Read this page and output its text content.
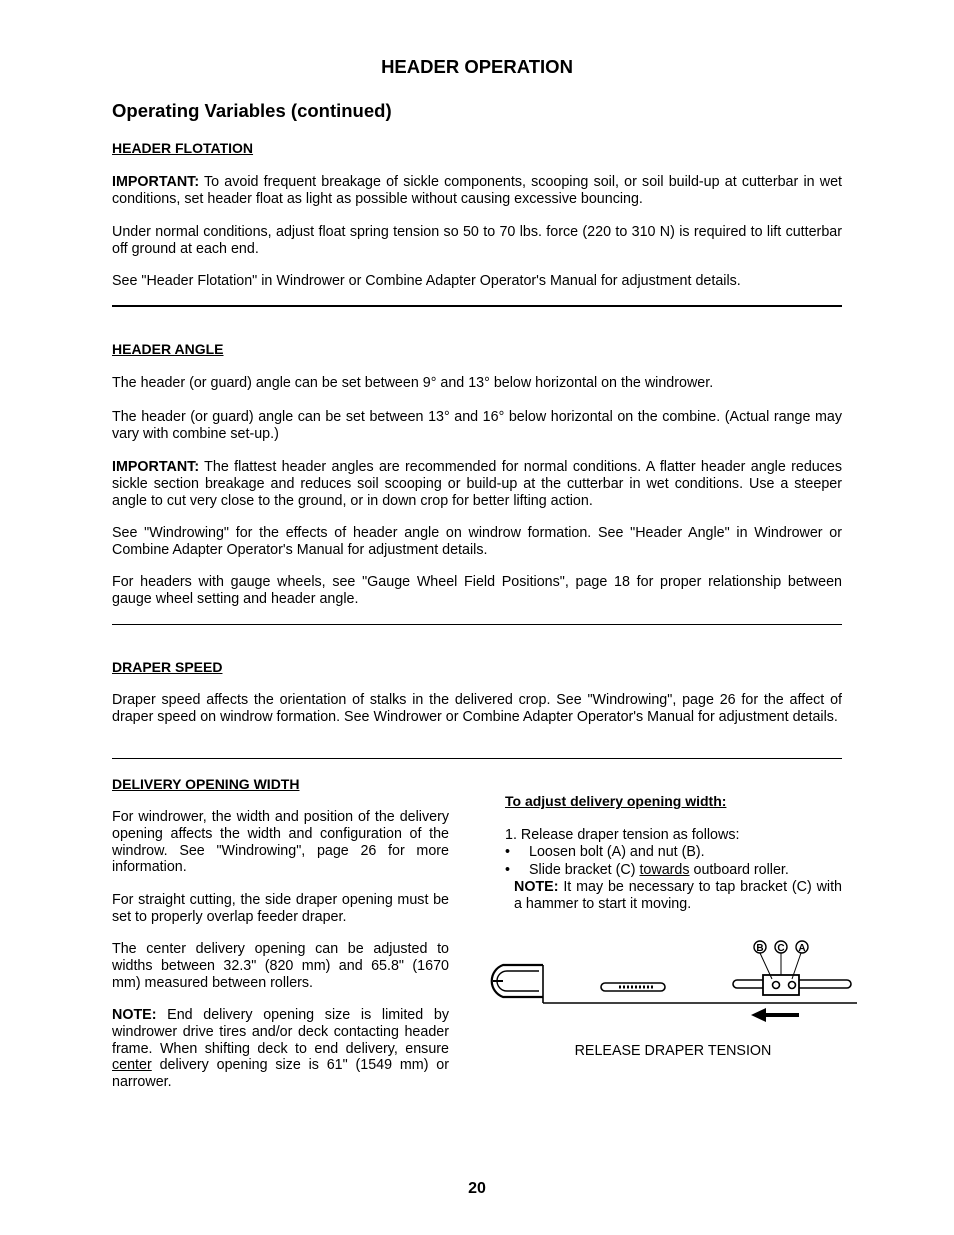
HEADER OPERATION
Operating Variables (continued)
HEADER FLOTATION
IMPORTANT: To avoid frequent breakage of sickle components, scooping soil, or soil build-up at cutterbar in wet conditions, set header float as light as possible without causing excessive bouncing.
Under normal conditions, adjust float spring tension so 50 to 70 lbs. force (220 to 310 N) is required to lift cutterbar off ground at each end.
See "Header Flotation" in Windrower or Combine Adapter Operator's Manual for adjustment details.
HEADER ANGLE
The header (or guard) angle can be set between 9° and 13° below horizontal on the windrower.
The header (or guard) angle can be set between 13° and 16° below horizontal on the combine. (Actual range may vary with combine set-up.)
IMPORTANT: The flattest header angles are recommended for normal conditions. A flatter header angle reduces sickle section breakage and reduces soil scooping or build-up at the cutterbar in wet conditions. Use a steeper angle to cut very close to the ground, or in down crop for better lifting action.
See "Windrowing" for the effects of header angle on windrow formation. See "Header Angle" in Windrower or Combine Adapter Operator's Manual for adjustment details.
For headers with gauge wheels, see "Gauge Wheel Field Positions", page 18 for proper relationship between gauge wheel setting and header angle.
DRAPER SPEED
Draper speed affects the orientation of stalks in the delivered crop. See "Windrowing", page 26 for the affect of draper speed on windrow formation. See Windrower or Combine Adapter Operator's Manual for adjustment details.
DELIVERY OPENING WIDTH
For windrower, the width and position of the delivery opening affects the width and configuration of the windrow. See "Windrowing", page 26 for more information.
For straight cutting, the side draper opening must be set to properly overlap feeder draper.
The center delivery opening can be adjusted to widths between 32.3" (820 mm) and 65.8" (1670 mm) measured between rollers.
NOTE: End delivery opening size is limited by windrower drive tires and/or deck contacting header frame. When shifting deck to end delivery, ensure center delivery opening size is 61" (1549 mm) or narrower.
To adjust delivery opening width:
1. Release draper tension as follows:
• Loosen bolt (A) and nut (B).
• Slide bracket (C) towards outboard roller.
NOTE: It may be necessary to tap bracket (C) with a hammer to start it moving.
B C A
RELEASE DRAPER TENSION
20
